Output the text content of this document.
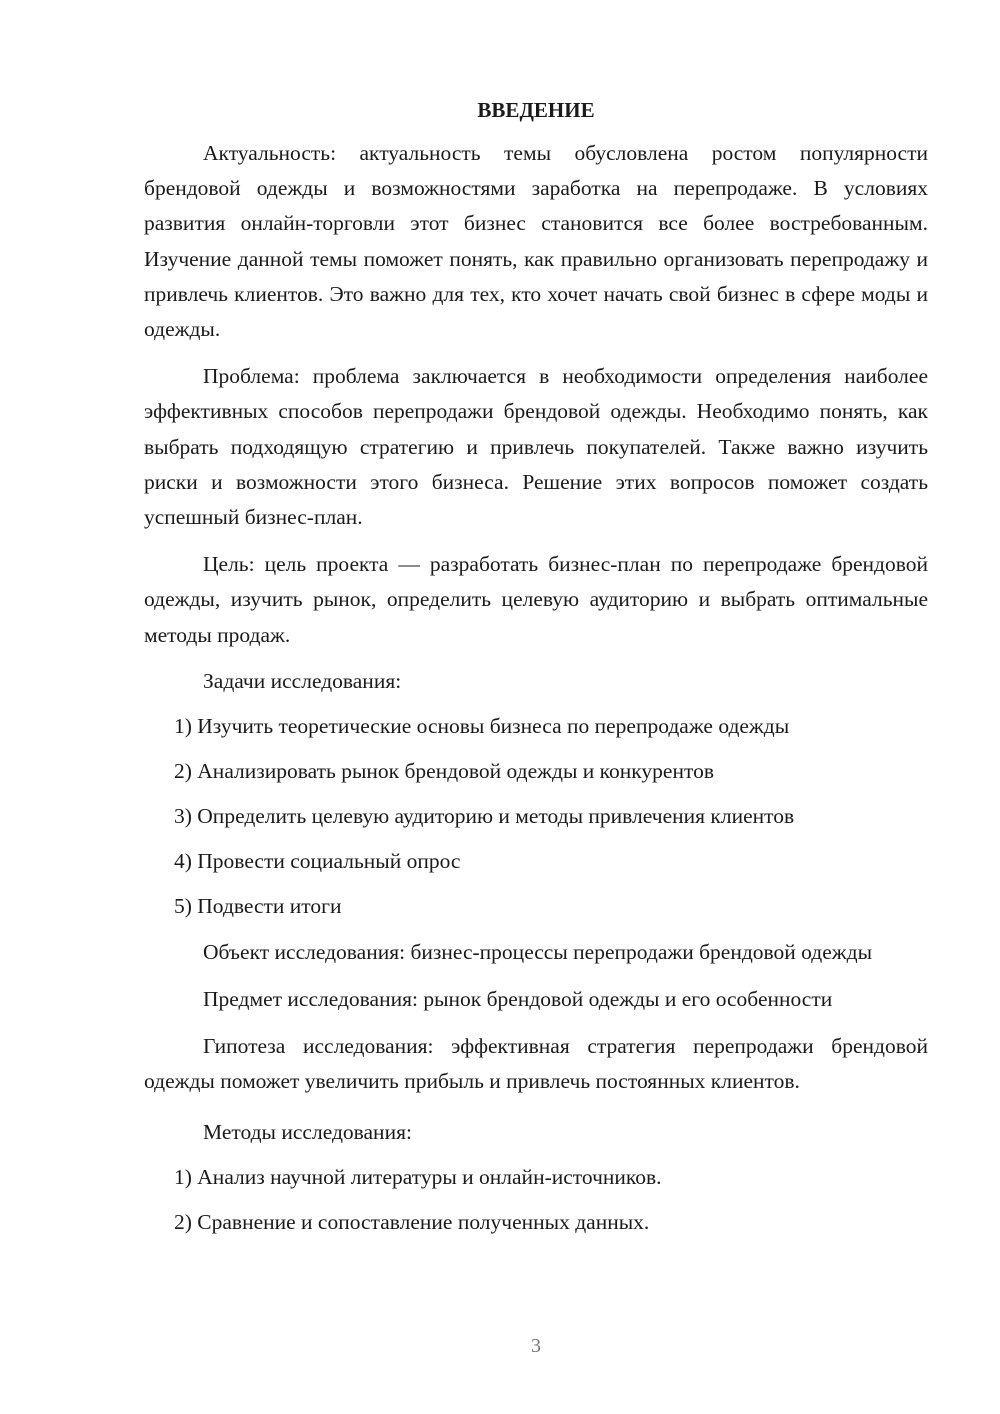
ВВЕДЕНИЕ

Актуальность: актуальность темы обусловлена ростом популярности брендовой одежды и возможностями заработка на перепродаже. В условиях развития онлайн-торговли этот бизнес становится все более востребованным. Изучение данной темы поможет понять, как правильно организовать перепродажу и привлечь клиентов. Это важно для тех, кто хочет начать свой бизнес в сфере моды и одежды.

Проблема: проблема заключается в необходимости определения наиболее эффективных способов перепродажи брендовой одежды. Необходимо понять, как выбрать подходящую стратегию и привлечь покупателей. Также важно изучить риски и возможности этого бизнеса. Решение этих вопросов поможет создать успешный бизнес-план.

Цель: цель проекта — разработать бизнес-план по перепродаже брендовой одежды, изучить рынок, определить целевую аудиторию и выбрать оптимальные методы продаж.

Задачи исследования:
1) Изучить теоретические основы бизнеса по перепродаже одежды
2) Анализировать рынок брендовой одежды и конкурентов
3) Определить целевую аудиторию и методы привлечения клиентов
4) Провести социальный опрос
5) Подвести итоги

Объект исследования: бизнес-процессы перепродажи брендовой одежды

Предмет исследования: рынок брендовой одежды и его особенности

Гипотеза исследования: эффективная стратегия перепродажи брендовой одежды поможет увеличить прибыль и привлечь постоянных клиентов.

Методы исследования:
1) Анализ научной литературы и онлайн-источников.
2) Сравнение и сопоставление полученных данных.
3
